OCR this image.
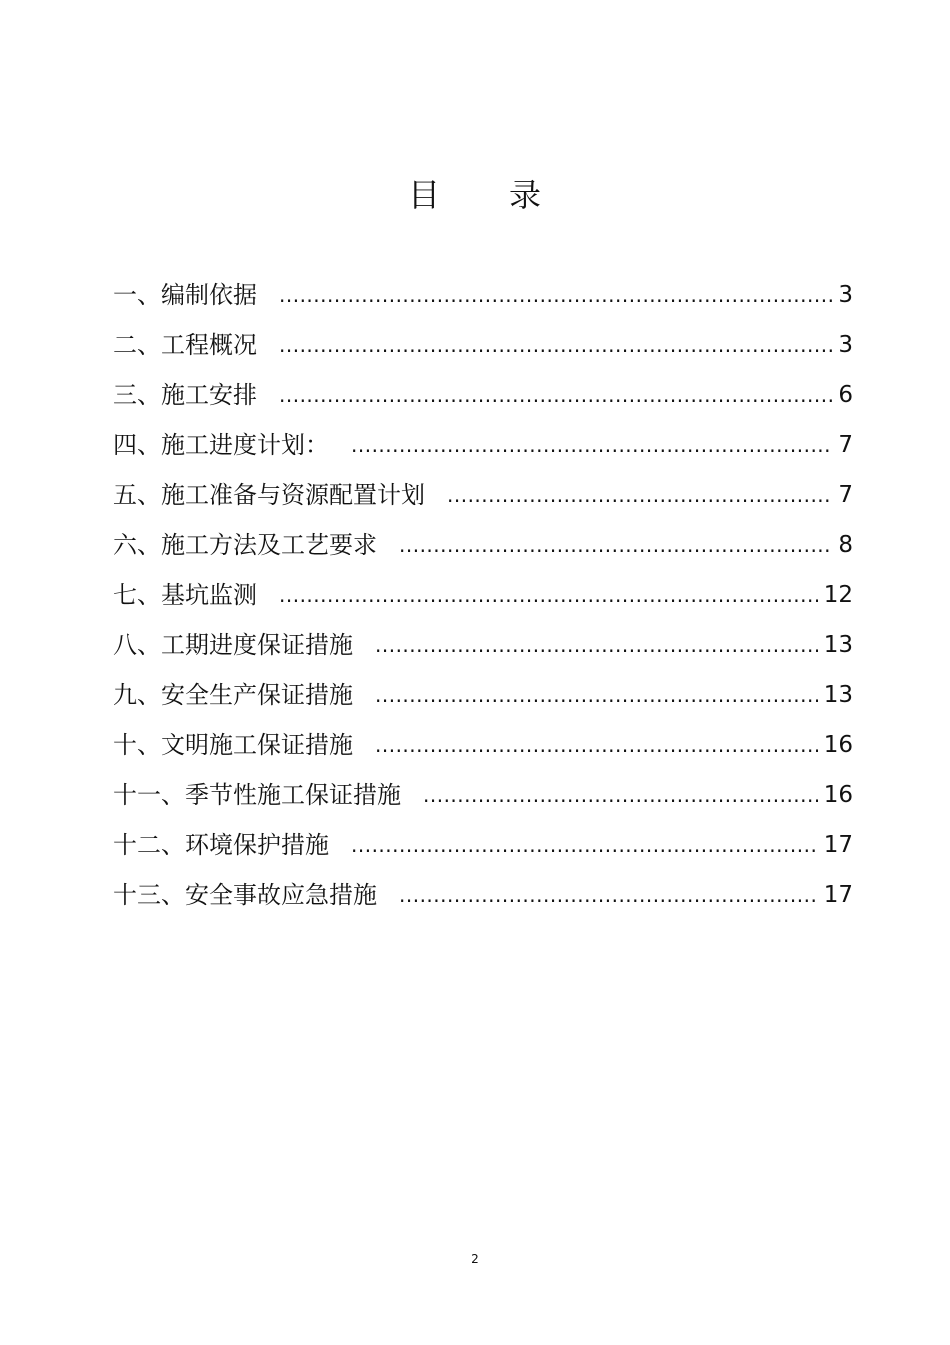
目 录
一、编制依据 .....	3
二、工程概况 .....	3
三、施工安排 .....	6
四、施工进度计划： .....	7
五、施工准备与资源配置计划 .....	7
六、施工方法及工艺要求 .....	8
七、基坑监测 .....	12
八、工期进度保证措施 .....	13
九、安全生产保证措施 .....	13
十、文明施工保证措施 .....	16
十一、季节性施工保证措施 .....	16
十二、环境保护措施 .....	17
十三、安全事故应急措施 .....	17
2
